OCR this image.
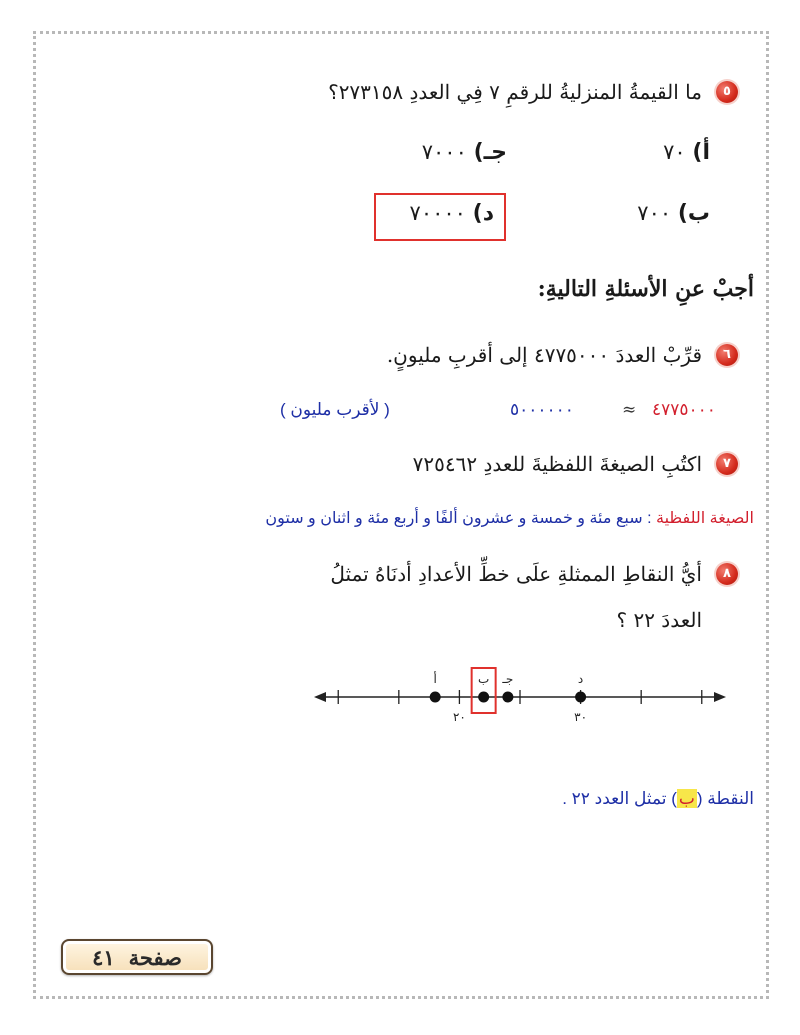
٥
ما القيمةُ المنزليةُ للرقمِ ٧ فِي العددِ ٢٧٣١٥٨؟
أ) ٧٠
جـ) ٧٠٠٠
ب) ٧٠٠
د) ٧٠٠٠٠
أجبْ عنِ الأسئلةِ التاليةِ:
٦
قرِّبْ العددَ ٤٧٧٥٠٠٠ إلى أقربِ مليونٍ.
( لأقرب مليون )	٥٠٠٠٠٠٠	≈ ٤٧٧٥٠٠٠
٧
اكتُبِ الصيغةَ اللفظيةَ للعددِ ٧٢٥٤٦٢
الصيغة اللفظية : سبع مئة و خمسة و عشرون ألفًا و أربع مئة و اثنان و ستون
٨
أيُّ النقاطِ الممثلةِ علَى خطِّ الأعدادِ أدنَاهُ تمثلُ
العددَ ٢٢ ؟
أ	ب جـ	د
٢٠	٣٠
النقطة (ب) تمثل العدد ٢٢ .
صفحة
٤١
